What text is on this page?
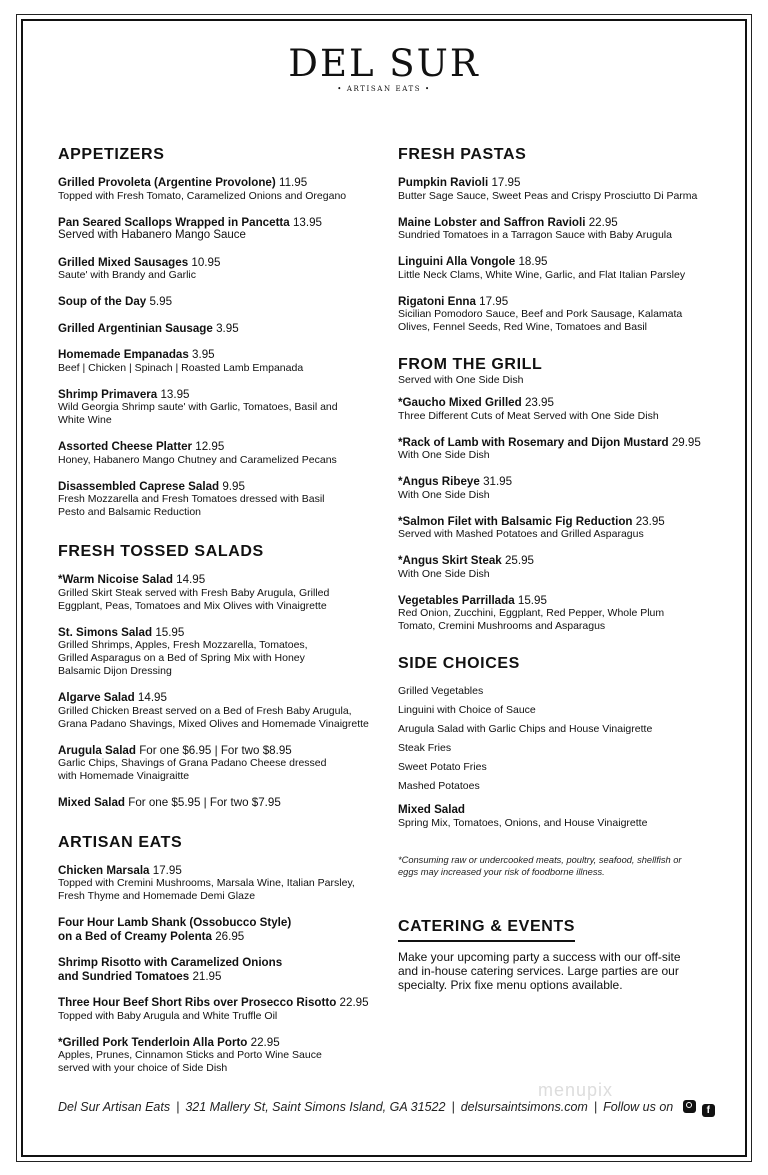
DEL SUR
• ARTISAN EATS •
APPETIZERS
Grilled Provoleta (Argentine Provolone) 11.95
Topped with Fresh Tomato, Caramelized Onions and Oregano
Pan Seared Scallops Wrapped in Pancetta 13.95
Served with Habanero Mango Sauce
Grilled Mixed Sausages 10.95
Saute' with Brandy and Garlic
Soup of the Day 5.95
Grilled Argentinian Sausage 3.95
Homemade Empanadas 3.95
Beef | Chicken | Spinach | Roasted Lamb Empanada
Shrimp Primavera 13.95
Wild Georgia Shrimp saute' with Garlic, Tomatoes, Basil and White Wine
Assorted Cheese Platter 12.95
Honey, Habanero Mango Chutney and Caramelized Pecans
Disassembled Caprese Salad 9.95
Fresh Mozzarella and Fresh Tomatoes dressed with Basil Pesto and Balsamic Reduction
FRESH TOSSED SALADS
*Warm Nicoise Salad 14.95
Grilled Skirt Steak served with Fresh Baby Arugula, Grilled Eggplant, Peas, Tomatoes and Mix Olives with Vinaigrette
St. Simons Salad 15.95
Grilled Shrimps, Apples, Fresh Mozzarella, Tomatoes, Grilled Asparagus on a Bed of Spring Mix with Honey Balsamic Dijon Dressing
Algarve Salad 14.95
Grilled Chicken Breast served on a Bed of Fresh Baby Arugula, Grana Padano Shavings, Mixed Olives and Homemade Vinaigrette
Arugula Salad For one $6.95 | For two $8.95
Garlic Chips, Shavings of Grana Padano Cheese dressed with Homemade Vinaigraitte
Mixed Salad For one $5.95 | For two $7.95
ARTISAN EATS
Chicken Marsala 17.95
Topped with Cremini Mushrooms, Marsala Wine, Italian Parsley, Fresh Thyme and Homemade Demi Glaze
Four Hour Lamb Shank (Ossobucco Style) on a Bed of Creamy Polenta 26.95
Shrimp Risotto with Caramelized Onions and Sundried Tomatoes 21.95
Three Hour Beef Short Ribs over Prosecco Risotto 22.95
Topped with Baby Arugula and White Truffle Oil
*Grilled Pork Tenderloin Alla Porto 22.95
Apples, Prunes, Cinnamon Sticks and Porto Wine Sauce served with your choice of Side Dish
FRESH PASTAS
Pumpkin Ravioli 17.95
Butter Sage Sauce, Sweet Peas and Crispy Prosciutto Di Parma
Maine Lobster and Saffron Ravioli 22.95
Sundried Tomatoes in a Tarragon Sauce with Baby Arugula
Linguini Alla Vongole 18.95
Little Neck Clams, White Wine, Garlic, and Flat Italian Parsley
Rigatoni Enna 17.95
Sicilian Pomodoro Sauce, Beef and Pork Sausage, Kalamata Olives, Fennel Seeds, Red Wine, Tomatoes and Basil
FROM THE GRILL
Served with One Side Dish
*Gaucho Mixed Grilled 23.95
Three Different Cuts of Meat Served with One Side Dish
*Rack of Lamb with Rosemary and Dijon Mustard 29.95
With One Side Dish
*Angus Ribeye 31.95
With One Side Dish
*Salmon Filet with Balsamic Fig Reduction 23.95
Served with Mashed Potatoes and Grilled Asparagus
*Angus Skirt Steak 25.95
With One Side Dish
Vegetables Parrillada 15.95
Red Onion, Zucchini, Eggplant, Red Pepper, Whole Plum Tomato, Cremini Mushrooms and Asparagus
SIDE CHOICES
Grilled Vegetables
Linguini with Choice of Sauce
Arugula Salad with Garlic Chips and House Vinaigrette
Steak Fries
Sweet Potato Fries
Mashed Potatoes
Mixed Salad
Spring Mix, Tomatoes, Onions, and House Vinaigrette
*Consuming raw or undercooked meats, poultry, seafood, shellfish or eggs may increased your risk of foodborne illness.
CATERING & EVENTS
Make your upcoming party a success with our off-site and in-house catering services. Large parties are our specialty. Prix fixe menu options available.
menupix
Del Sur Artisan Eats | 321 Mallery St, Saint Simons Island, GA 31522 | delsursaintsimons.com | Follow us on	f
